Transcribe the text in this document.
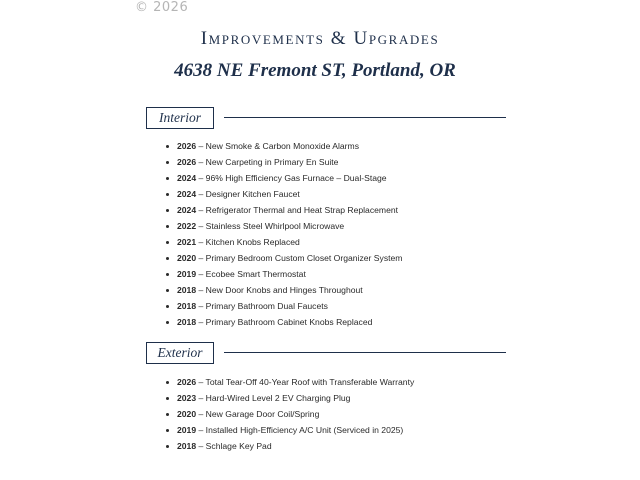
© 2026
Improvements & Upgrades
4638 NE Fremont ST, Portland, OR
Interior
2026 – New Smoke & Carbon Monoxide Alarms
2026 – New Carpeting in Primary En Suite
2024 – 96% High Efficiency Gas Furnace – Dual-Stage
2024 – Designer Kitchen Faucet
2024 – Refrigerator Thermal and Heat Strap Replacement
2022 – Stainless Steel Whirlpool Microwave
2021 – Kitchen Knobs Replaced
2020 – Primary Bedroom Custom Closet Organizer System
2019 – Ecobee Smart Thermostat
2018 – New Door Knobs and Hinges Throughout
2018 – Primary Bathroom Dual Faucets
2018 – Primary Bathroom Cabinet Knobs Replaced
Exterior
2026 – Total Tear-Off 40-Year Roof with Transferable Warranty
2023 – Hard-Wired Level 2 EV Charging Plug
2020 – New Garage Door Coil/Spring
2019 – Installed High-Efficiency A/C Unit (Serviced in 2025)
2018 – Schlage Key Pad
